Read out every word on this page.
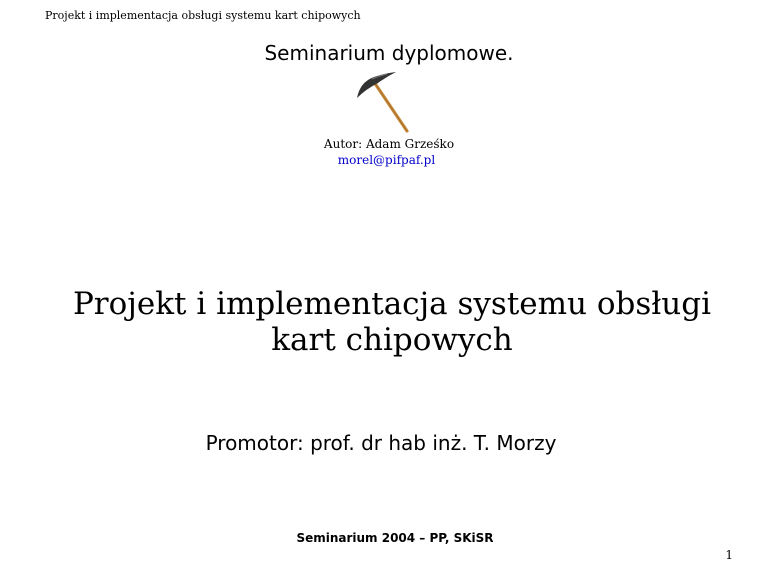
Projekt i implementacja obsługi systemu kart chipowych
Seminarium dyplomowe.
Autor: Adam Grześko
morel@pifpaf.pl
Projekt i implementacja systemu obsługi
kart chipowych
Promotor: prof. dr hab inż. T. Morzy
Seminarium 2004 – PP, SKiSR
1
